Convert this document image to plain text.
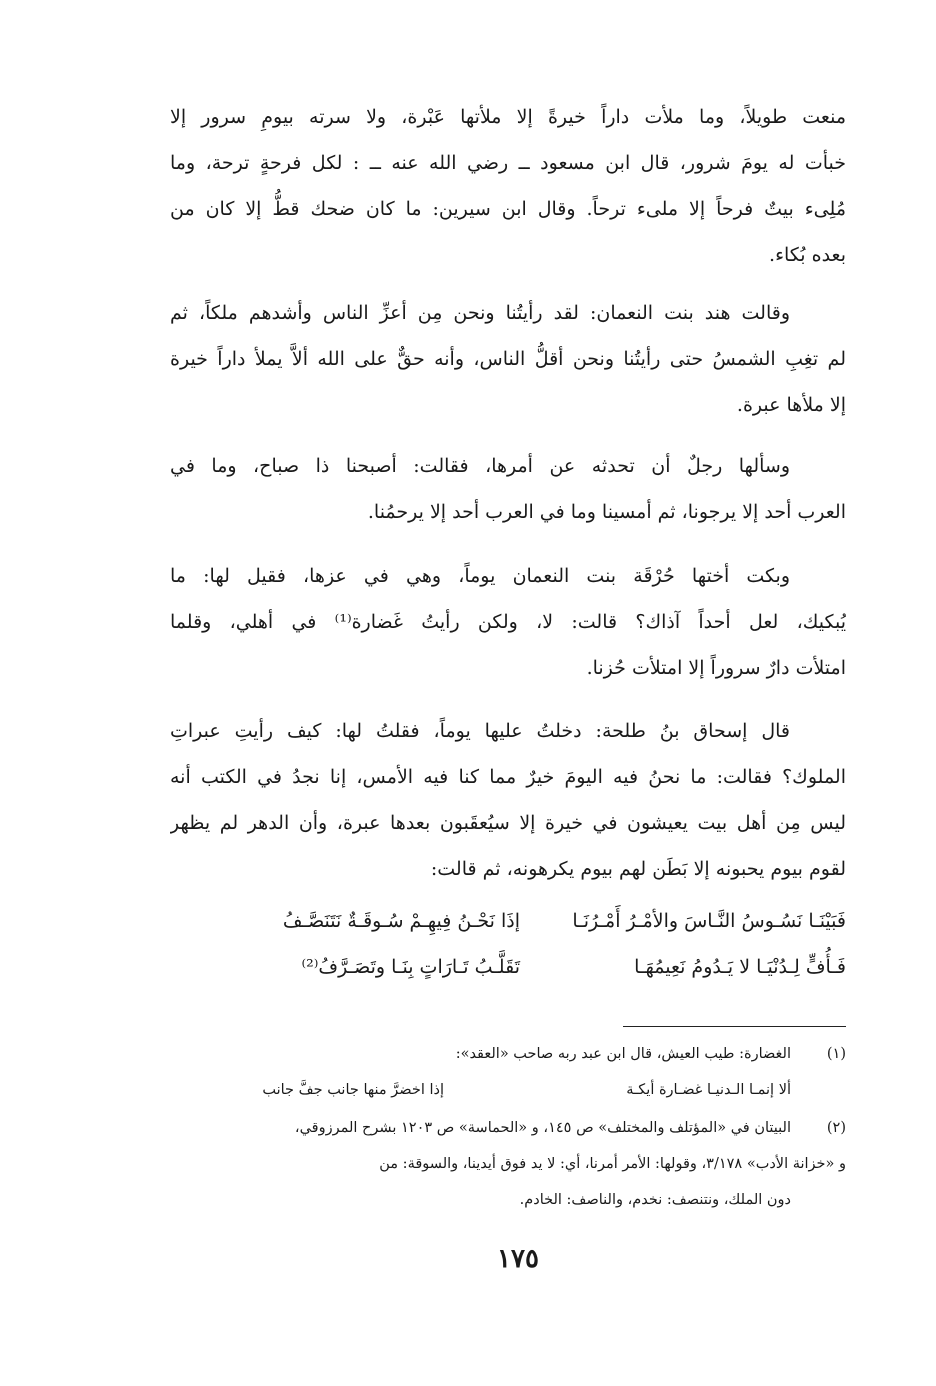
منعت طويلاً، وما ملأت داراً خيرةً إلا ملأتها عَبْرة، ولا سرته بيومِ سرور إلا
خبأت له يومَ شرور، قال ابن مسعود ــ رضي الله عنه ــ : لكل فرحةٍ ترحة، وما
مُلِىء بيتٌ فرحاً إلا ملىء ترحاً. وقال ابن سيرين: ما كان ضحك قطُّ إلا كان من
بعده بُكاء.
وقالت هند بنت النعمان: لقد رأيتُنا ونحن مِن أعزِّ الناس وأشدهم ملكاً، ثم
لم تغِبِ الشمسُ حتى رأيتُنا ونحن أقلُّ الناس، وأنه حقٌّ على الله ألاَّ يملأ داراً خيرة
إلا ملأها عبرة.
وسألها رجلٌ أن تحدثه عن أمرها، فقالت: أصبحنا ذا صباح، وما في
العرب أحد إلا يرجونا، ثم أمسينا وما في العرب أحد إلا يرحمُنا.
وبكت أختها حُرْقَة بنت النعمان يوماً، وهي في عزها، فقيل لها: ما
يُبكيك، لعل أحداً آذاك؟ قالت: لا، ولكن رأيتُ غَضارة⁽¹⁾ في أهلي، وقلما
امتلأت دارٌ سروراً إلا امتلأت حُزنا.
قال إسحاق بنُ طلحة: دخلتُ عليها يوماً، فقلتُ لها: كيف رأيتِ عبراتِ
الملوك؟ فقالت: ما نحنُ فيه اليومَ خيرٌ مما كنا فيه الأمس، إنا نجدُ في الكتب أنه
ليس مِن أهل بيت يعيشون في خيرة إلا سيُعقَبون بعدها عبرة، وأن الدهر لم يظهر
لقوم بيوم يحبونه إلا بَطَن لهم بيوم يكرهونه، ثم قالت:
فَبَيْنَـا نَسُـوسُ النَّـاسَ والأمْـرُ أَمْـرُنَـا
إذَا نَحْـنُ فِيهِـمْ سُـوقَـةٌ نَتَنَصَّـفُ
فَـأُفٍّ لِـدُنْيَـا لا يَـدُومُ نَعِيمُهَـا
تَقَلَّـبُ تَـارَاتٍ بِنَـا وتَصَـرَّفُ⁽²⁾
(١)
الغضارة: طيب العيش، قال ابن عبد ربه صاحب «العقد»:
ألا إنمـا الـدنيـا غضـارة أيكـة
إذا اخضرَّ منها جانب جفَّ جانب
(٢)
البيتان في «المؤتلف والمختلف» ص ١٤٥، و «الحماسة» ص ١٢٠٣ بشرح المرزوقي،
و «خزانة الأدب» ٣/١٧٨، وقولها: الأمر أمرنا، أي: لا يد فوق أيدينا، والسوقة: من
دون الملك، ونتنصف: نخدم، والناصف: الخادم.
١٧٥
